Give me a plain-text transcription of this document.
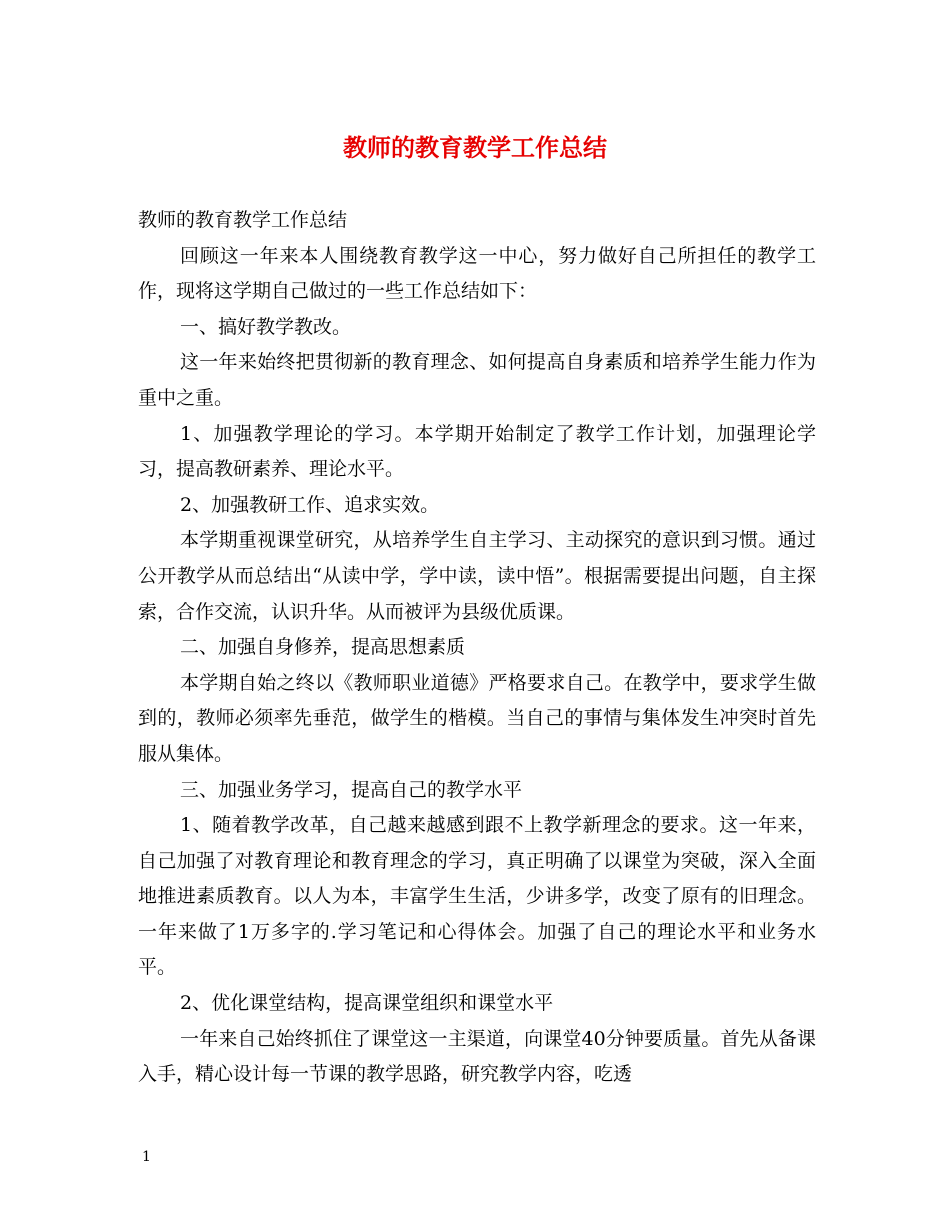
教师的教育教学工作总结

教师的教育教学工作总结

回顾这一年来本人围绕教育教学这一中心，努力做好自己所担任的教学工作，现将这学期自己做过的一些工作总结如下：

一、搞好教学教改。

这一年来始终把贯彻新的教育理念、如何提高自身素质和培养学生能力作为重中之重。

1、加强教学理论的学习。本学期开始制定了教学工作计划，加强理论学习，提高教研素养、理论水平。

2、加强教研工作、追求实效。

本学期重视课堂研究，从培养学生自主学习、主动探究的意识到习惯。通过公开教学从而总结出“从读中学，学中读，读中悟”。根据需要提出问题，自主探索，合作交流，认识升华。从而被评为县级优质课。

二、加强自身修养，提高思想素质

本学期自始之终以《教师职业道德》严格要求自己。在教学中，要求学生做到的，教师必须率先垂范，做学生的楷模。当自己的事情与集体发生冲突时首先服从集体。

三、加强业务学习，提高自己的教学水平

1、随着教学改革，自己越来越感到跟不上教学新理念的要求。这一年来，自己加强了对教育理论和教育理念的学习，真正明确了以课堂为突破，深入全面地推进素质教育。以人为本，丰富学生生活，少讲多学，改变了原有的旧理念。一年来做了1万多字的.学习笔记和心得体会。加强了自己的理论水平和业务水平。

2、优化课堂结构，提高课堂组织和课堂水平

一年来自己始终抓住了课堂这一主渠道，向课堂40分钟要质量。首先从备课入手，精心设计每一节课的教学思路，研究教学内容，吃透

1
